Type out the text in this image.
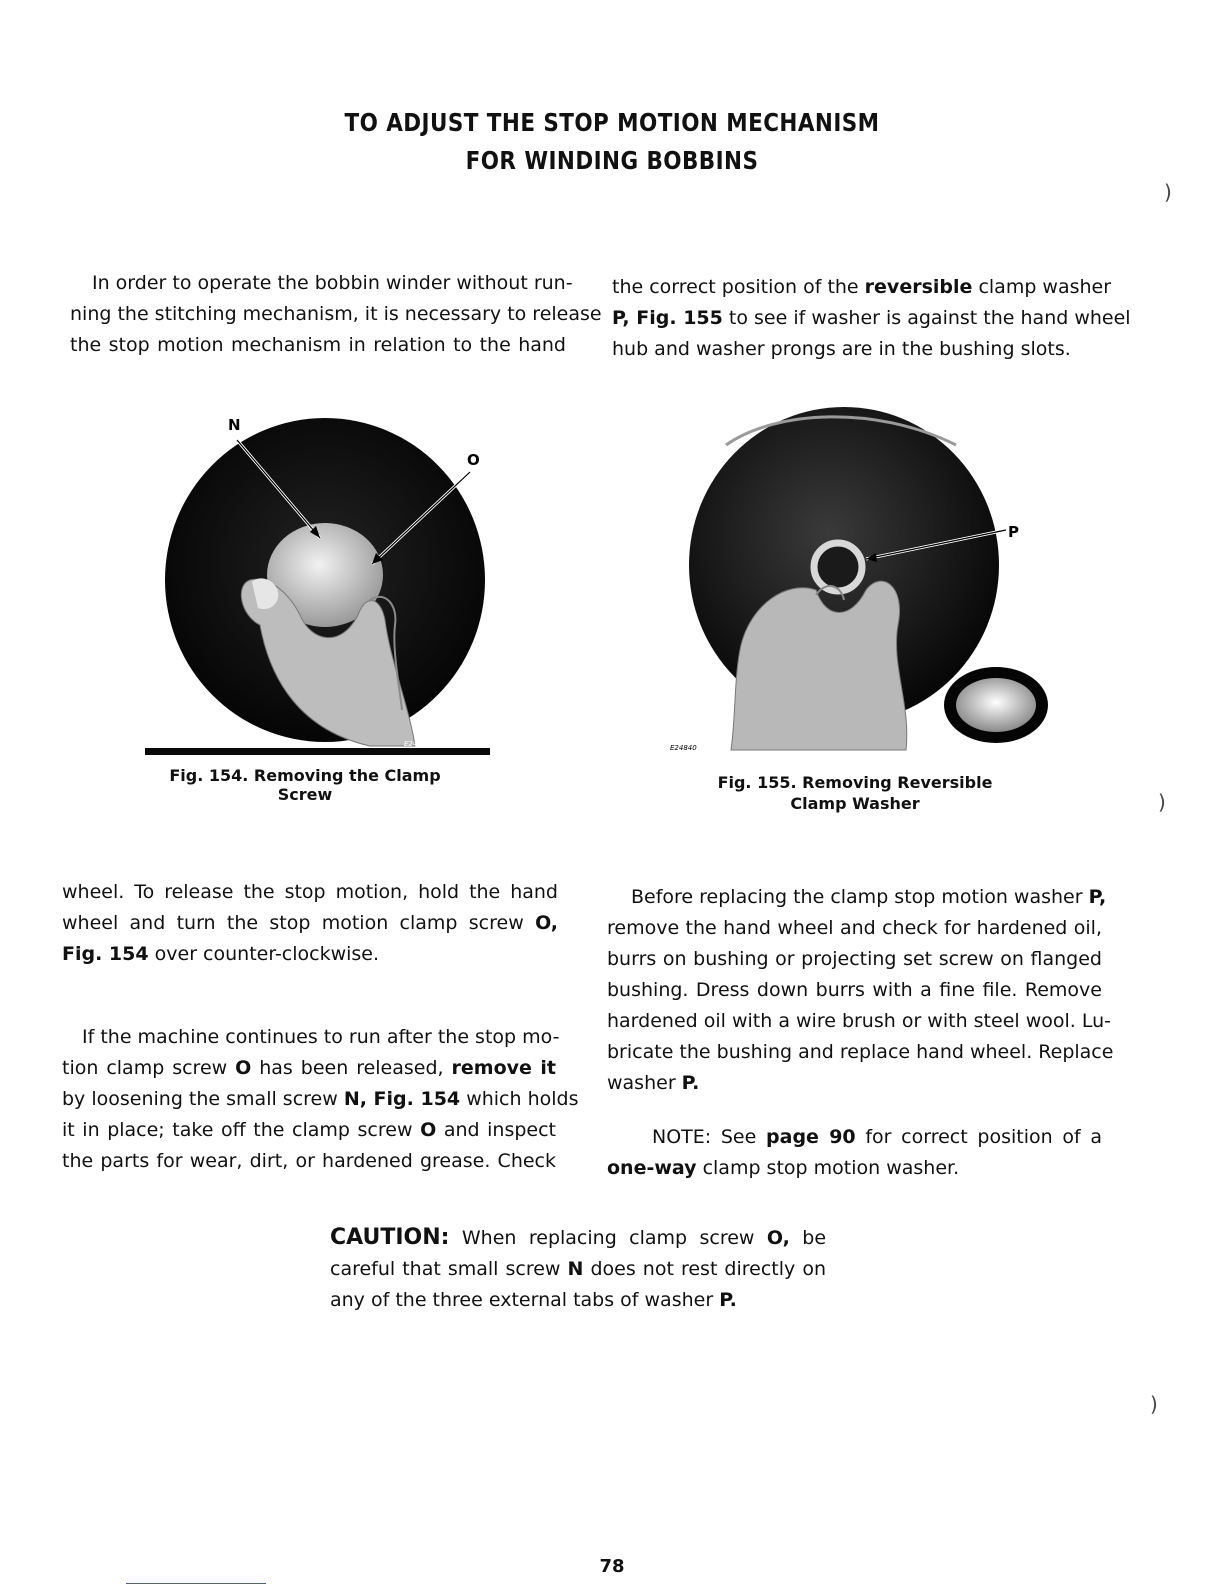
TO ADJUST THE STOP MOTION MECHANISM
FOR WINDING BOBBINS
In order to operate the bobbin winder without run-
ning the stitching mechanism, it is necessary to release
the stop motion mechanism in relation to the hand
the correct position of the reversible clamp washer
P, Fig. 155 to see if washer is against the hand wheel
hub and washer prongs are in the bushing slots.
N
O
E24863
Fig. 154. Removing the Clamp Screw
P
E24840
Fig. 155. Removing Reversible
Clamp Washer
wheel. To release the stop motion, hold the hand
wheel and turn the stop motion clamp screw O,
Fig. 154 over counter-clockwise.
If the machine continues to run after the stop mo-
tion clamp screw O has been released, remove it
by loosening the small screw N, Fig. 154 which holds
it in place; take off the clamp screw O and inspect
the parts for wear, dirt, or hardened grease. Check
Before replacing the clamp stop motion washer P,
remove the hand wheel and check for hardened oil,
burrs on bushing or projecting set screw on flanged
bushing. Dress down burrs with a fine file. Remove
hardened oil with a wire brush or with steel wool. Lu-
bricate the bushing and replace hand wheel. Replace
washer P.
NOTE: See page 90 for correct position of a
one-way clamp stop motion washer.
CAUTION: When replacing clamp screw O, be
careful that small screw N does not rest directly on
any of the three external tabs of washer P.
78
)
)
)
